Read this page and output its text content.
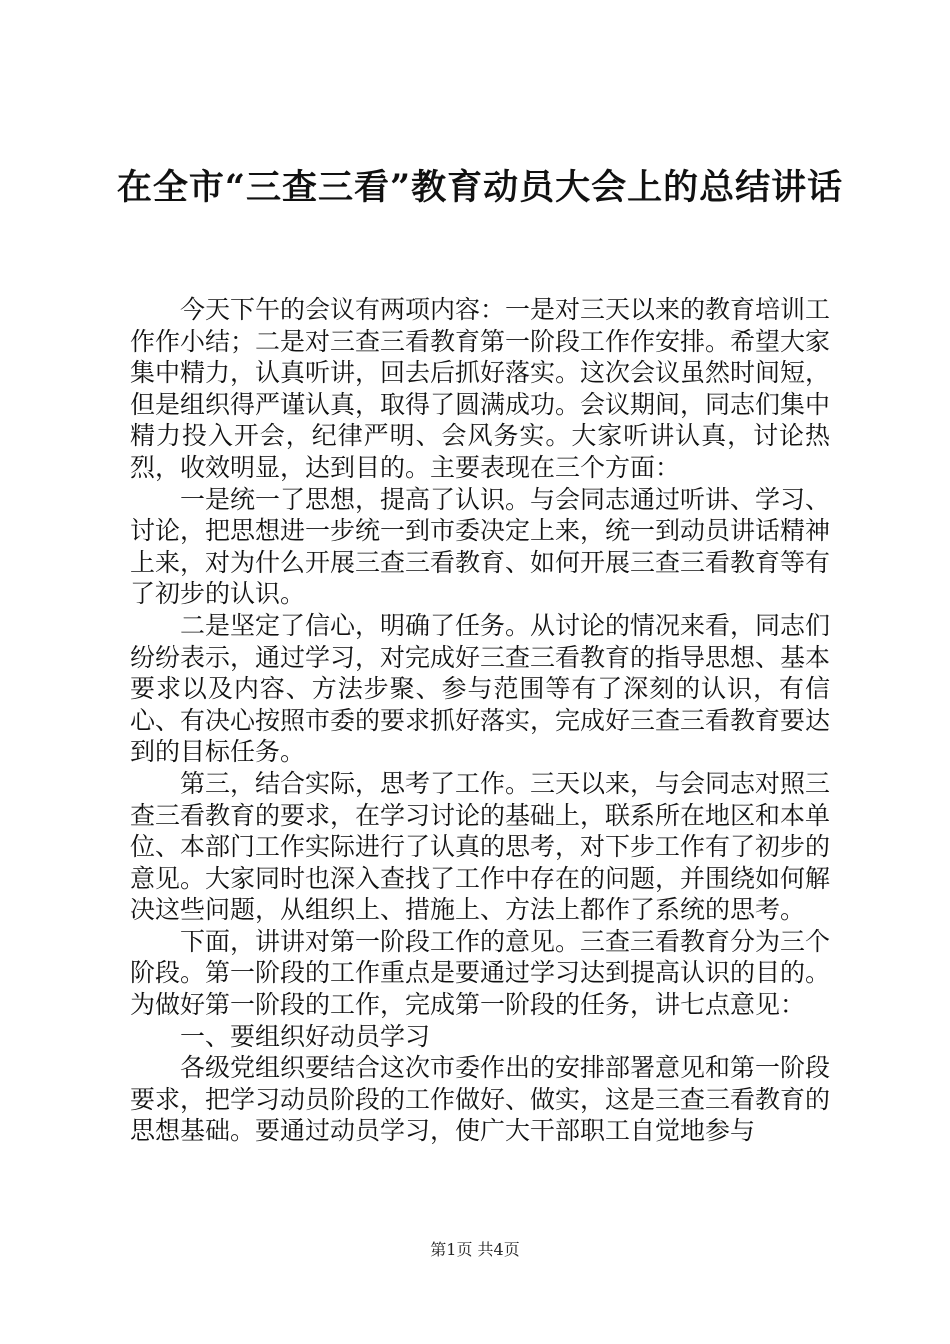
在全市“三查三看”教育动员大会上的总结讲话

今天下午的会议有两项内容：一是对三天以来的教育培训工作作小结；二是对三查三看教育第一阶段工作作安排。希望大家集中精力，认真听讲，回去后抓好落实。这次会议虽然时间短，但是组织得严谨认真，取得了圆满成功。会议期间，同志们集中精力投入开会，纪律严明、会风务实。大家听讲认真，讨论热烈，收效明显，达到目的。主要表现在三个方面：

一是统一了思想，提高了认识。与会同志通过听讲、学习、讨论，把思想进一步统一到市委决定上来，统一到动员讲话精神上来，对为什么开展三查三看教育、如何开展三查三看教育等有了初步的认识。

二是坚定了信心，明确了任务。从讨论的情况来看，同志们纷纷表示，通过学习，对完成好三查三看教育的指导思想、基本要求以及内容、方法步聚、参与范围等有了深刻的认识，有信心、有决心按照市委的要求抓好落实，完成好三查三看教育要达到的目标任务。

第三，结合实际，思考了工作。三天以来，与会同志对照三查三看教育的要求，在学习讨论的基础上，联系所在地区和本单位、本部门工作实际进行了认真的思考，对下步工作有了初步的意见。大家同时也深入查找了工作中存在的问题，并围绕如何解决这些问题，从组织上、措施上、方法上都作了系统的思考。

下面，讲讲对第一阶段工作的意见。三查三看教育分为三个阶段。第一阶段的工作重点是要通过学习达到提高认识的目的。为做好第一阶段的工作，完成第一阶段的任务，讲七点意见：

一、要组织好动员学习

各级党组织要结合这次市委作出的安排部署意见和第一阶段要求，把学习动员阶段的工作做好、做实，这是三查三看教育的思想基础。要通过动员学习，使广大干部职工自觉地参与

第1页 共4页
